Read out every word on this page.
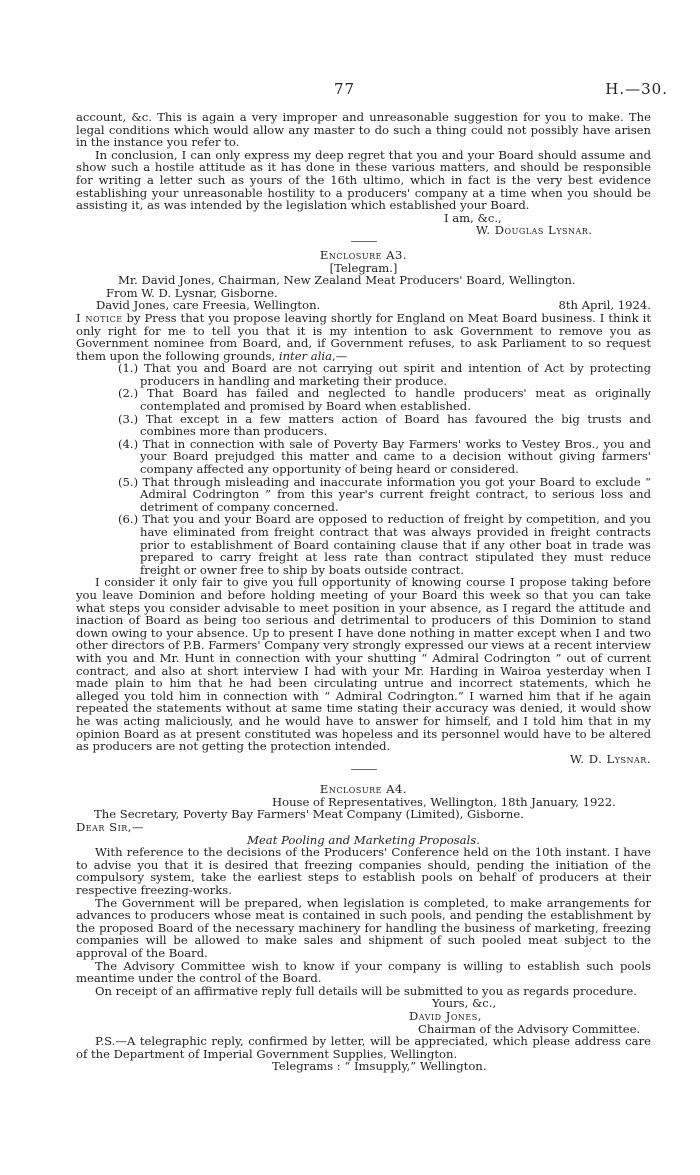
77	H.—30.

account, &c. This is again a very improper and unreasonable suggestion for you to make. The legal conditions which would allow any master to do such a thing could not possibly have arisen in the instance you refer to.

In conclusion, I can only express my deep regret that you and your Board should assume and show such a hostile attitude as it has done in these various matters, and should be responsible for writing a letter such as yours of the 16th ultimo, which in fact is the very best evidence establishing your unreasonable hostility to a producers' company at a time when you should be assisting it, as was intended by the legislation which established your Board.

I am, &c.,

W. Douglas Lysnar.

Enclosure A3.

[Telegram.]

Mr. David Jones, Chairman, New Zealand Meat Producers' Board, Wellington.

From W. D. Lysnar, Gisborne.

David Jones, care Freesia, Wellington.	8th April, 1924.

I notice by Press that you propose leaving shortly for England on Meat Board business. I think it only right for me to tell you that it is my intention to ask Government to remove you as Government nominee from Board, and, if Government refuses, to ask Parliament to so request them upon the following grounds, inter alia,—

(1.) That you and Board are not carrying out spirit and intention of Act by protecting producers in handling and marketing their produce.
(2.) That Board has failed and neglected to handle producers' meat as originally contemplated and promised by Board when established.
(3.) That except in a few matters action of Board has favoured the big trusts and combines more than producers.
(4.) That in connection with sale of Poverty Bay Farmers' works to Vestey Bros., you and your Board prejudged this matter and came to a decision without giving farmers' company affected any opportunity of being heard or considered.
(5.) That through misleading and inaccurate information you got your Board to exclude “ Admiral Codrington ” from this year's current freight contract, to serious loss and detriment of company concerned.
(6.) That you and your Board are opposed to reduction of freight by competition, and you have eliminated from freight contract that was always provided in freight contracts prior to establishment of Board containing clause that if any other boat in trade was prepared to carry freight at less rate than contract stipulated they must reduce freight or owner free to ship by boats outside contract.

I consider it only fair to give you full opportunity of knowing course I propose taking before you leave Dominion and before holding meeting of your Board this week so that you can take what steps you consider advisable to meet position in your absence, as I regard the attitude and inaction of Board as being too serious and detrimental to producers of this Dominion to stand down owing to your absence. Up to present I have done nothing in matter except when I and two other directors of P.B. Farmers' Company very strongly expressed our views at a recent interview with you and Mr. Hunt in connection with your shutting “ Admiral Codrington ” out of current contract, and also at short interview I had with your Mr. Harding in Wairoa yesterday when I made plain to him that he had been circulating untrue and incorrect statements, which he alleged you told him in connection with “ Admiral Codrington.” I warned him that if he again repeated the statements without at same time stating their accuracy was denied, it would show he was acting maliciously, and he would have to answer for himself, and I told him that in my opinion Board as at present constituted was hopeless and its personnel would have to be altered as producers are not getting the protection intended.

W. D. Lysnar.

Enclosure A4.

House of Representatives, Wellington, 18th January, 1922.

The Secretary, Poverty Bay Farmers' Meat Company (Limited), Gisborne.

Dear Sir,—

Meat Pooling and Marketing Proposals.

With reference to the decisions of the Producers' Conference held on the 10th instant. I have to advise you that it is desired that freezing companies should, pending the initiation of the compulsory system, take the earliest steps to establish pools on behalf of producers at their respective freezing-works.

The Government will be prepared, when legislation is completed, to make arrangements for advances to producers whose meat is contained in such pools, and pending the establishment by the proposed Board of the necessary machinery for handling the business of marketing, freezing companies will be allowed to make sales and shipment of such pooled meat subject to the approval of the Board.

The Advisory Committee wish to know if your company is willing to establish such pools meantime under the control of the Board.

On receipt of an affirmative reply full details will be submitted to you as regards procedure.

Yours, &c.,

David Jones,

Chairman of the Advisory Committee.

P.S.—A telegraphic reply, confirmed by letter, will be appreciated, which please address care of the Department of Imperial Government Supplies, Wellington.

Telegrams : “ Imsupply,” Wellington.
